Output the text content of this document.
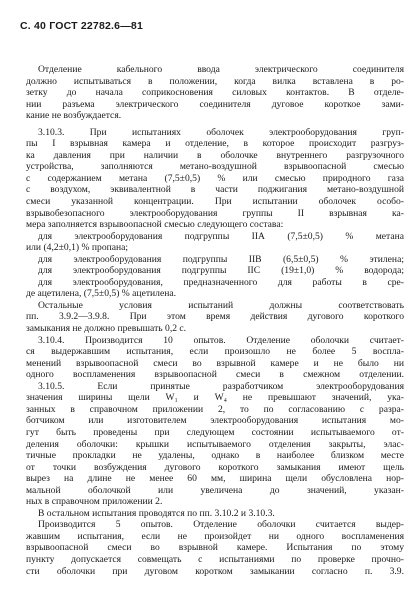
С. 40 ГОСТ 22782.6—81
Отделение кабельного ввода электрического соединителя
должно испытываться в положении, когда вилка вставлена в ро-
зетку до начала соприкосновения силовых контактов. В отделе-
нии разъема электрического соединителя дуговое короткое зами-
кание не возбуждается.
3.10.3. При испытаниях оболочек электрооборудования груп-
пы I взрывная камера и отделение, в которое происходит разгруз-
ка давления при наличии в оболочке внутреннего разгрузочного
устройства, заполняются метано-воздушной взрывоопасной смесью
с содержанием метана (7,5±0,5) % или смесью природного газа
с воздухом, эквивалентной в части поджигания метано-воздушной
смеси указанной концентрации. При испытании оболочек особо-
взрывобезопасного электрооборудования группы II взрывная ка-
мера заполняется взрывоопасной смесью следующего состава:
для электрооборудования подгруппы IIА (7,5±0,5) % метана
или (4,2±0,1) % пропана;
для электрооборудования подгруппы IIВ (6,5±0,5) % этилена;
для электрооборудования подгруппы IIС (19±1,0) % водорода;
для электрооборудования, предназначенного для работы в сре-
де ацетилена, (7,5±0,5) % ацетилена.
Остальные условия испытаний должны соответствовать
пп. 3.9.2—3.9.8. При этом время действия дугового короткого
замыкания не должно превышать 0,2 с.
3.10.4. Производится 10 опытов. Отделение оболочки считает-
ся выдержавшим испытания, если произошло не более 5 воспла-
менений взрывоопасной смеси во взрывной камере и не было ни
одного воспламенения взрывоопасной смеси в смежном отделении.
3.10.5. Если принятые разработчиком электрооборудования
значения ширины щели W₁ и W₄ не превышают значений, ука-
занных в справочном приложении 2, то по согласованию с разра-
ботчиком или изготовителем электрооборудования испытания мо-
гут быть проведены при следующем состоянии испытываемого от-
деления оболочки: крышки испытываемого отделения закрыты, элас-
тичные прокладки не удалены, однако в наиболее близком месте
от точки возбуждения дугового короткого замыкания имеют щель
вырез на длине не менее 60 мм, ширина щели обусловлена нор-
мальной оболочкой или увеличена до значений, указан-
ных в справочном приложении 2.
В остальном испытания проводятся по пп. 3.10.2 и 3.10.3.
Производится 5 опытов. Отделение оболочки считается выдер-
жавшим испытания, если не произойдет ни одного воспламенения
взрывоопасной смеси во взрывной камере. Испытания по этому
пункту допускается совмещать с испытаниями по проверке прочно-
сти оболочки при дуговом коротком замыкании согласно п. 3.9.
